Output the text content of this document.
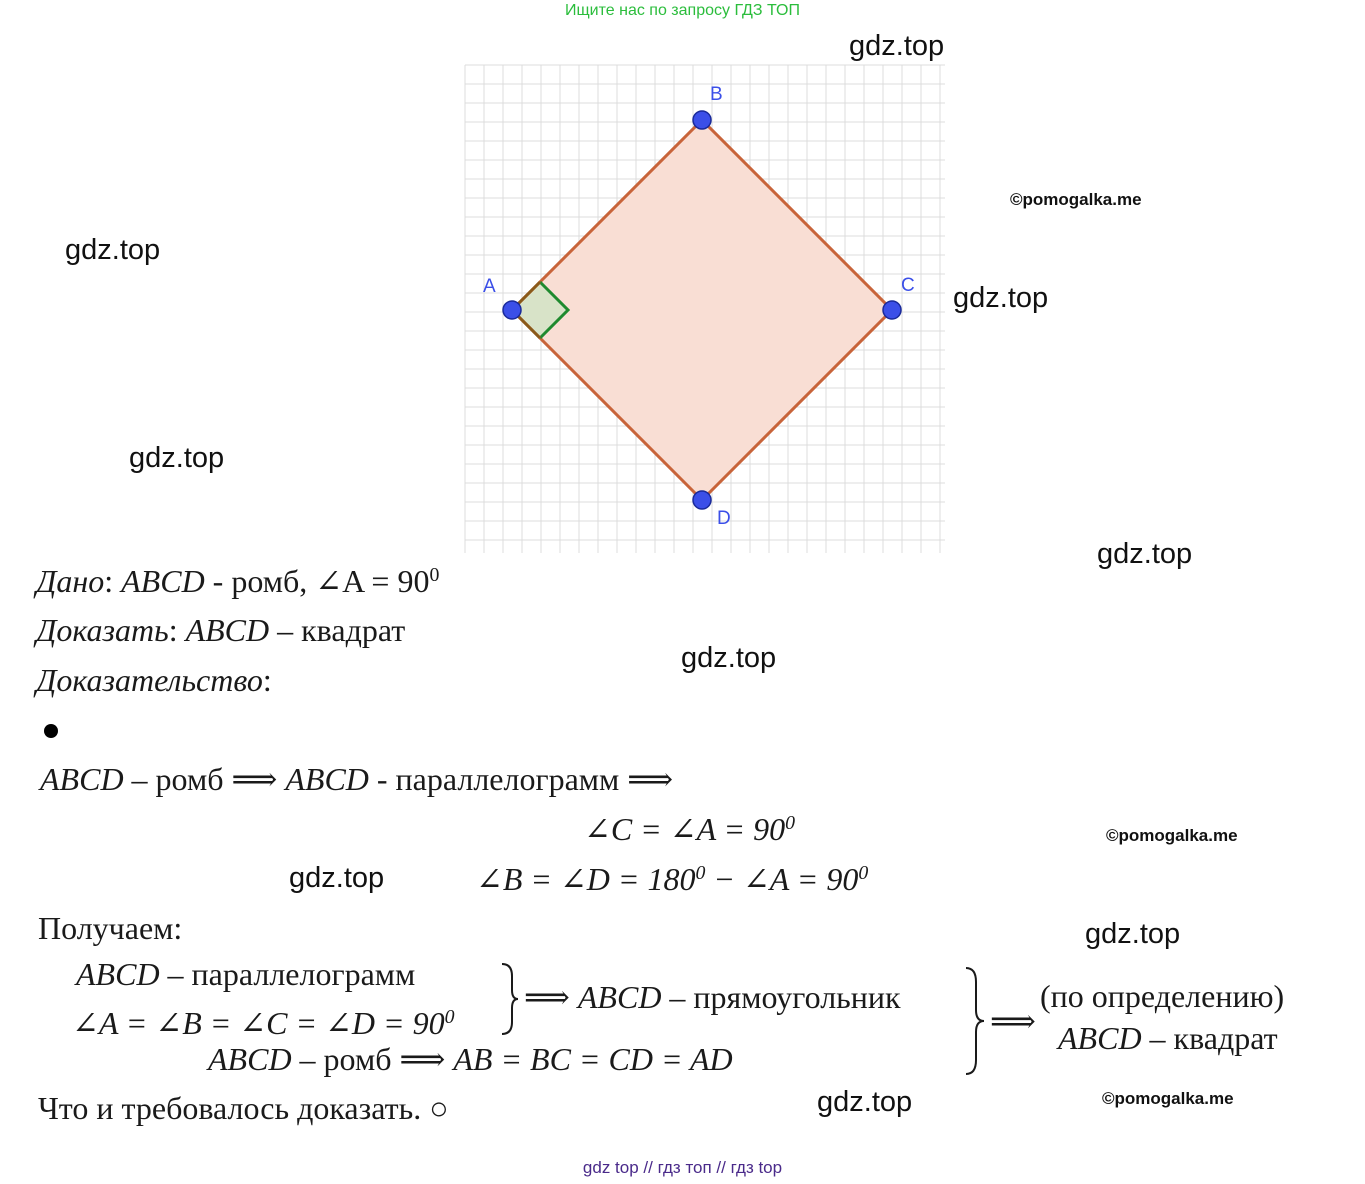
Ищите нас по запросу ГДЗ ТОП
B
C
D
A
gdz.top
gdz.top
gdz.top
gdz.top
gdz.top
gdz.top
gdz.top
gdz.top
gdz.top
©pomogalka.me
©pomogalka.me
©pomogalka.me
Дано: ABCD - ромб, ∠A = $90^0$
Доказать: ABCD – квадрат
Доказательство:
ABCD – ромб ⟹ ABCD - параллелограмм ⟹
∠C = ∠A = $90^0$
∠B = ∠D = $180^0$ − ∠A = $90^0$
Получаем:
ABCD – параллелограмм
∠A = ∠B = ∠C = ∠D = $90^0$
⟹ ABCD – прямоугольник
ABCD – ромб ⟹ AB = BC = CD = AD
⟹
(по определению)
ABCD – квадрат
Что и требовалось доказать. ○
gdz top // гдз топ // гдз top
